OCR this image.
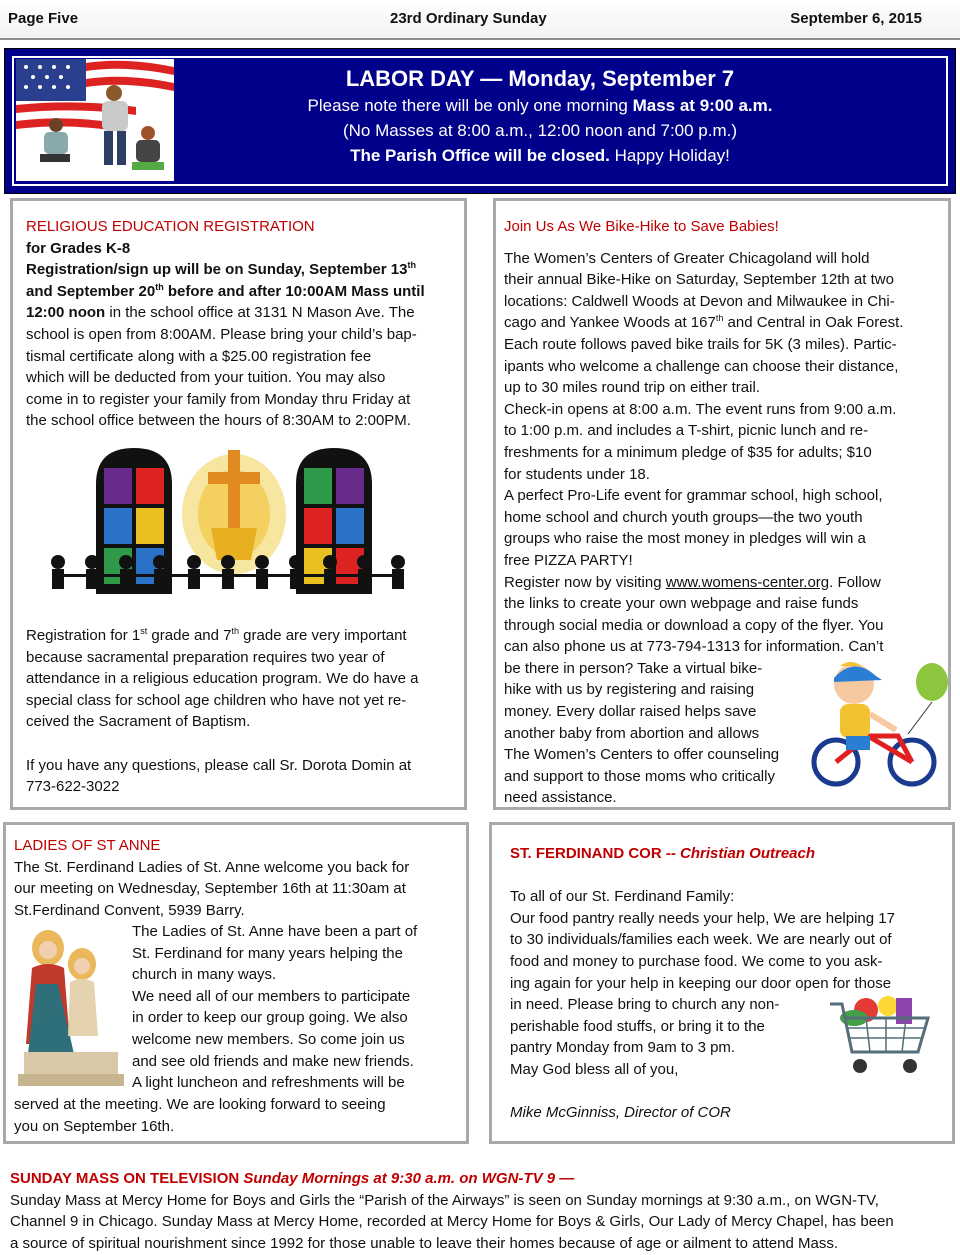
Page Five	23rd Ordinary Sunday	September 6, 2015
LABOR DAY — Monday, September 7
Please note there will be only one morning Mass at 9:00 a.m.
(No Masses at 8:00 a.m., 12:00 noon and 7:00 p.m.)
The Parish Office will be closed. Happy Holiday!
RELIGIOUS EDUCATION REGISTRATION
for Grades K-8
Registration/sign up will be on Sunday, September 13th
and September 20th before and after 10:00AM Mass until
12:00 noon in the school office at 3131 N Mason Ave. The
school is open from 8:00AM. Please bring your child’s bap-
tismal certificate along with a $25.00 registration fee
which will be deducted from your tuition. You may also
come in to register your family from Monday thru Friday at
the school office between the hours of 8:30AM to 2:00PM.
Registration for 1st grade and 7th grade are very important
because sacramental preparation requires two year of
attendance in a religious education program. We do have a
special class for school age children who have not yet re-
ceived the Sacrament of Baptism.
If you have any questions, please call Sr. Dorota Domin at
773-622-3022
Join Us As We Bike-Hike to Save Babies!
The Women’s Centers of Greater Chicagoland will hold
their annual Bike-Hike on Saturday, September 12th at two
locations: Caldwell Woods at Devon and Milwaukee in Chi-
cago and Yankee Woods at 167th and Central in Oak Forest.
Each route follows paved bike trails for 5K (3 miles). Partic-
ipants who welcome a challenge can choose their distance,
up to 30 miles round trip on either trail.
Check-in opens at 8:00 a.m. The event runs from 9:00 a.m.
to 1:00 p.m. and includes a T-shirt, picnic lunch and re-
freshments for a minimum pledge of $35 for adults; $10
for students under 18.
A perfect Pro-Life event for grammar school, high school,
home school and church youth groups—the two youth
groups who raise the most money in pledges will win a
free PIZZA PARTY!
Register now by visiting www.womens-center.org. Follow
the links to create your own webpage and raise funds
through social media or download a copy of the flyer. You
can also phone us at 773-794-1313 for information. Can’t
be there in person? Take a virtual bike-
hike with us by registering and raising
money. Every dollar raised helps save
another baby from abortion and allows
The Women’s Centers to offer counseling
and support to those moms who critically
need assistance.
LADIES OF ST ANNE
The St. Ferdinand Ladies of St. Anne welcome you back for
our meeting on Wednesday, September 16th at 11:30am at
St.Ferdinand Convent, 5939 Barry.
The Ladies of St. Anne have been a part of
St. Ferdinand for many years helping the
church in many ways.
We need all of our members to participate
in order to keep our group going. We also
welcome new members. So come join us
and see old friends and make new friends.
A light luncheon and refreshments will be
served at the meeting. We are looking forward to seeing
you on September 16th.
ST. FERDINAND COR -- Christian Outreach
To all of our St. Ferdinand Family:
Our food pantry really needs your help, We are helping 17
to 30 individuals/families each week. We are nearly out of
food and money to purchase food. We come to you ask-
ing again for your help in keeping our door open for those
in need. Please bring to church any non-
perishable food stuffs, or bring it to the
pantry Monday from 9am to 3 pm.
May God bless all of you,
Mike McGinniss, Director of COR
SUNDAY MASS ON TELEVISION Sunday Mornings at 9:30 a.m. on WGN-TV 9 —
Sunday Mass at Mercy Home for Boys and Girls the “Parish of the Airways” is seen on Sunday mornings at 9:30 a.m., on WGN-TV,
Channel 9 in Chicago. Sunday Mass at Mercy Home, recorded at Mercy Home for Boys & Girls, Our Lady of Mercy Chapel, has been
a source of spiritual nourishment since 1992 for those unable to leave their homes because of age or ailment to attend Mass.
